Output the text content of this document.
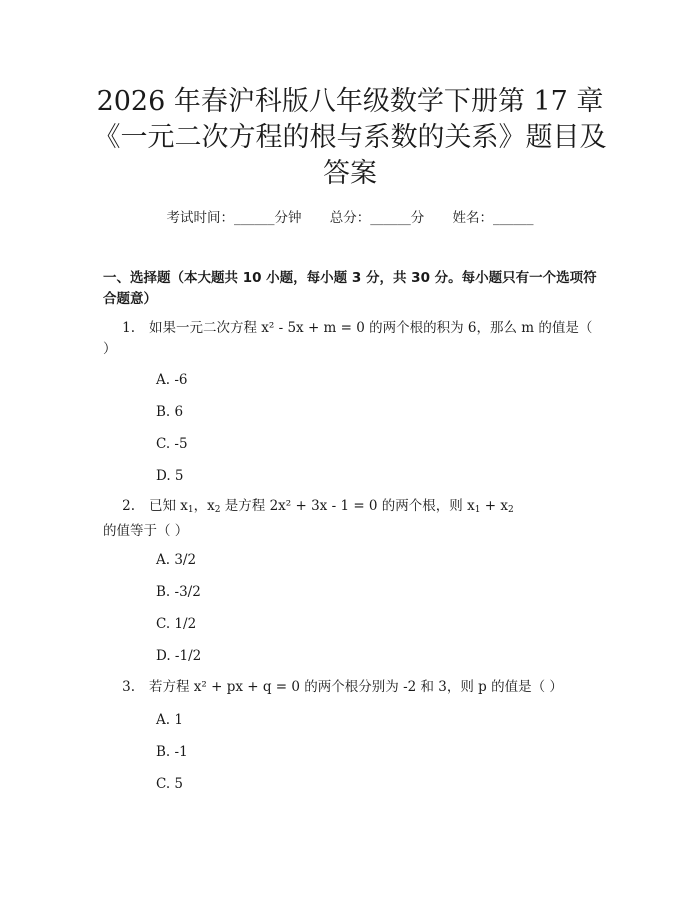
2026 年春沪科版八年级数学下册第 17 章
《一元二次方程的根与系数的关系》题目及
答案
考试时间：______分钟 总分：______分 姓名：______
一、选择题（本大题共 10 小题，每小题 3 分，共 30 分。每小题只有一个选项符合题意）
1. 如果一元二次方程 x² - 5x + m = 0 的两个根的积为 6，那么 m 的值是（ ）
A. -6
B. 6
C. -5
D. 5
2. 已知 $x_1$，$x_2$ 是方程 2x² + 3x - 1 = 0 的两个根，则 $x_1 + x_2$ 的值等于（ ）
A. 3/2
B. -3/2
C. 1/2
D. -1/2
3. 若方程 x² + px + q = 0 的两个根分别为 -2 和 3，则 p 的值是（ ）
A. 1
B. -1
C. 5
